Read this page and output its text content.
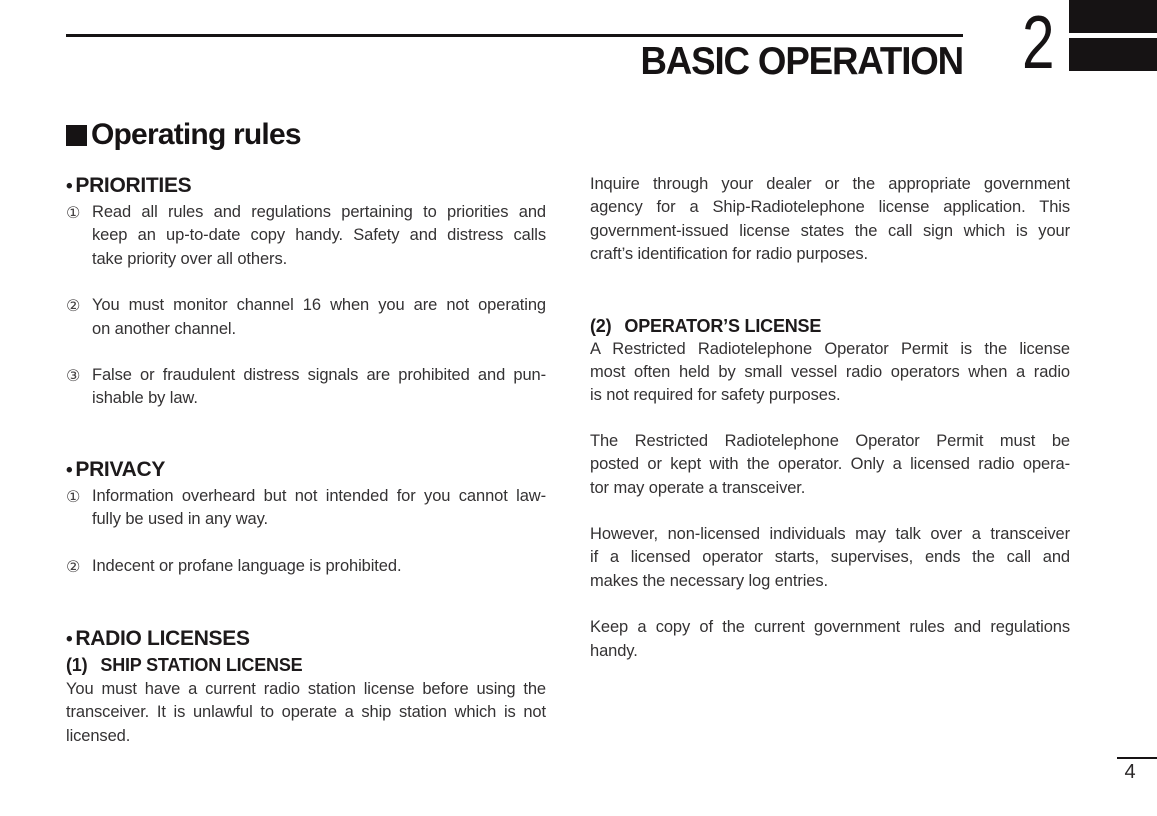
BASIC OPERATION 2
Operating rules
• PRIORITIES
① Read all rules and regulations pertaining to priorities and
keep an up-to-date copy handy. Safety and distress calls
take priority over all others.
② You must monitor channel 16 when you are not operating
on another channel.
③ False or fraudulent distress signals are prohibited and pun-
ishable by law.
• PRIVACY
① Information overheard but not intended for you cannot law-
fully be used in any way.
② Indecent or profane language is prohibited.
• RADIO LICENSES
(1) SHIP STATION LICENSE
You must have a current radio station license before using the
transceiver. It is unlawful to operate a ship station which is not
licensed.
Inquire through your dealer or the appropriate government
agency for a Ship-Radiotelephone license application. This
government-issued license states the call sign which is your
craft’s identification for radio purposes.
(2) OPERATOR’S LICENSE
A Restricted Radiotelephone Operator Permit is the license
most often held by small vessel radio operators when a radio
is not required for safety purposes.
The Restricted Radiotelephone Operator Permit must be
posted or kept with the operator. Only a licensed radio opera-
tor may operate a transceiver.
However, non-licensed individuals may talk over a transceiver
if a licensed operator starts, supervises, ends the call and
makes the necessary log entries.
Keep a copy of the current government rules and regulations
handy.
4
